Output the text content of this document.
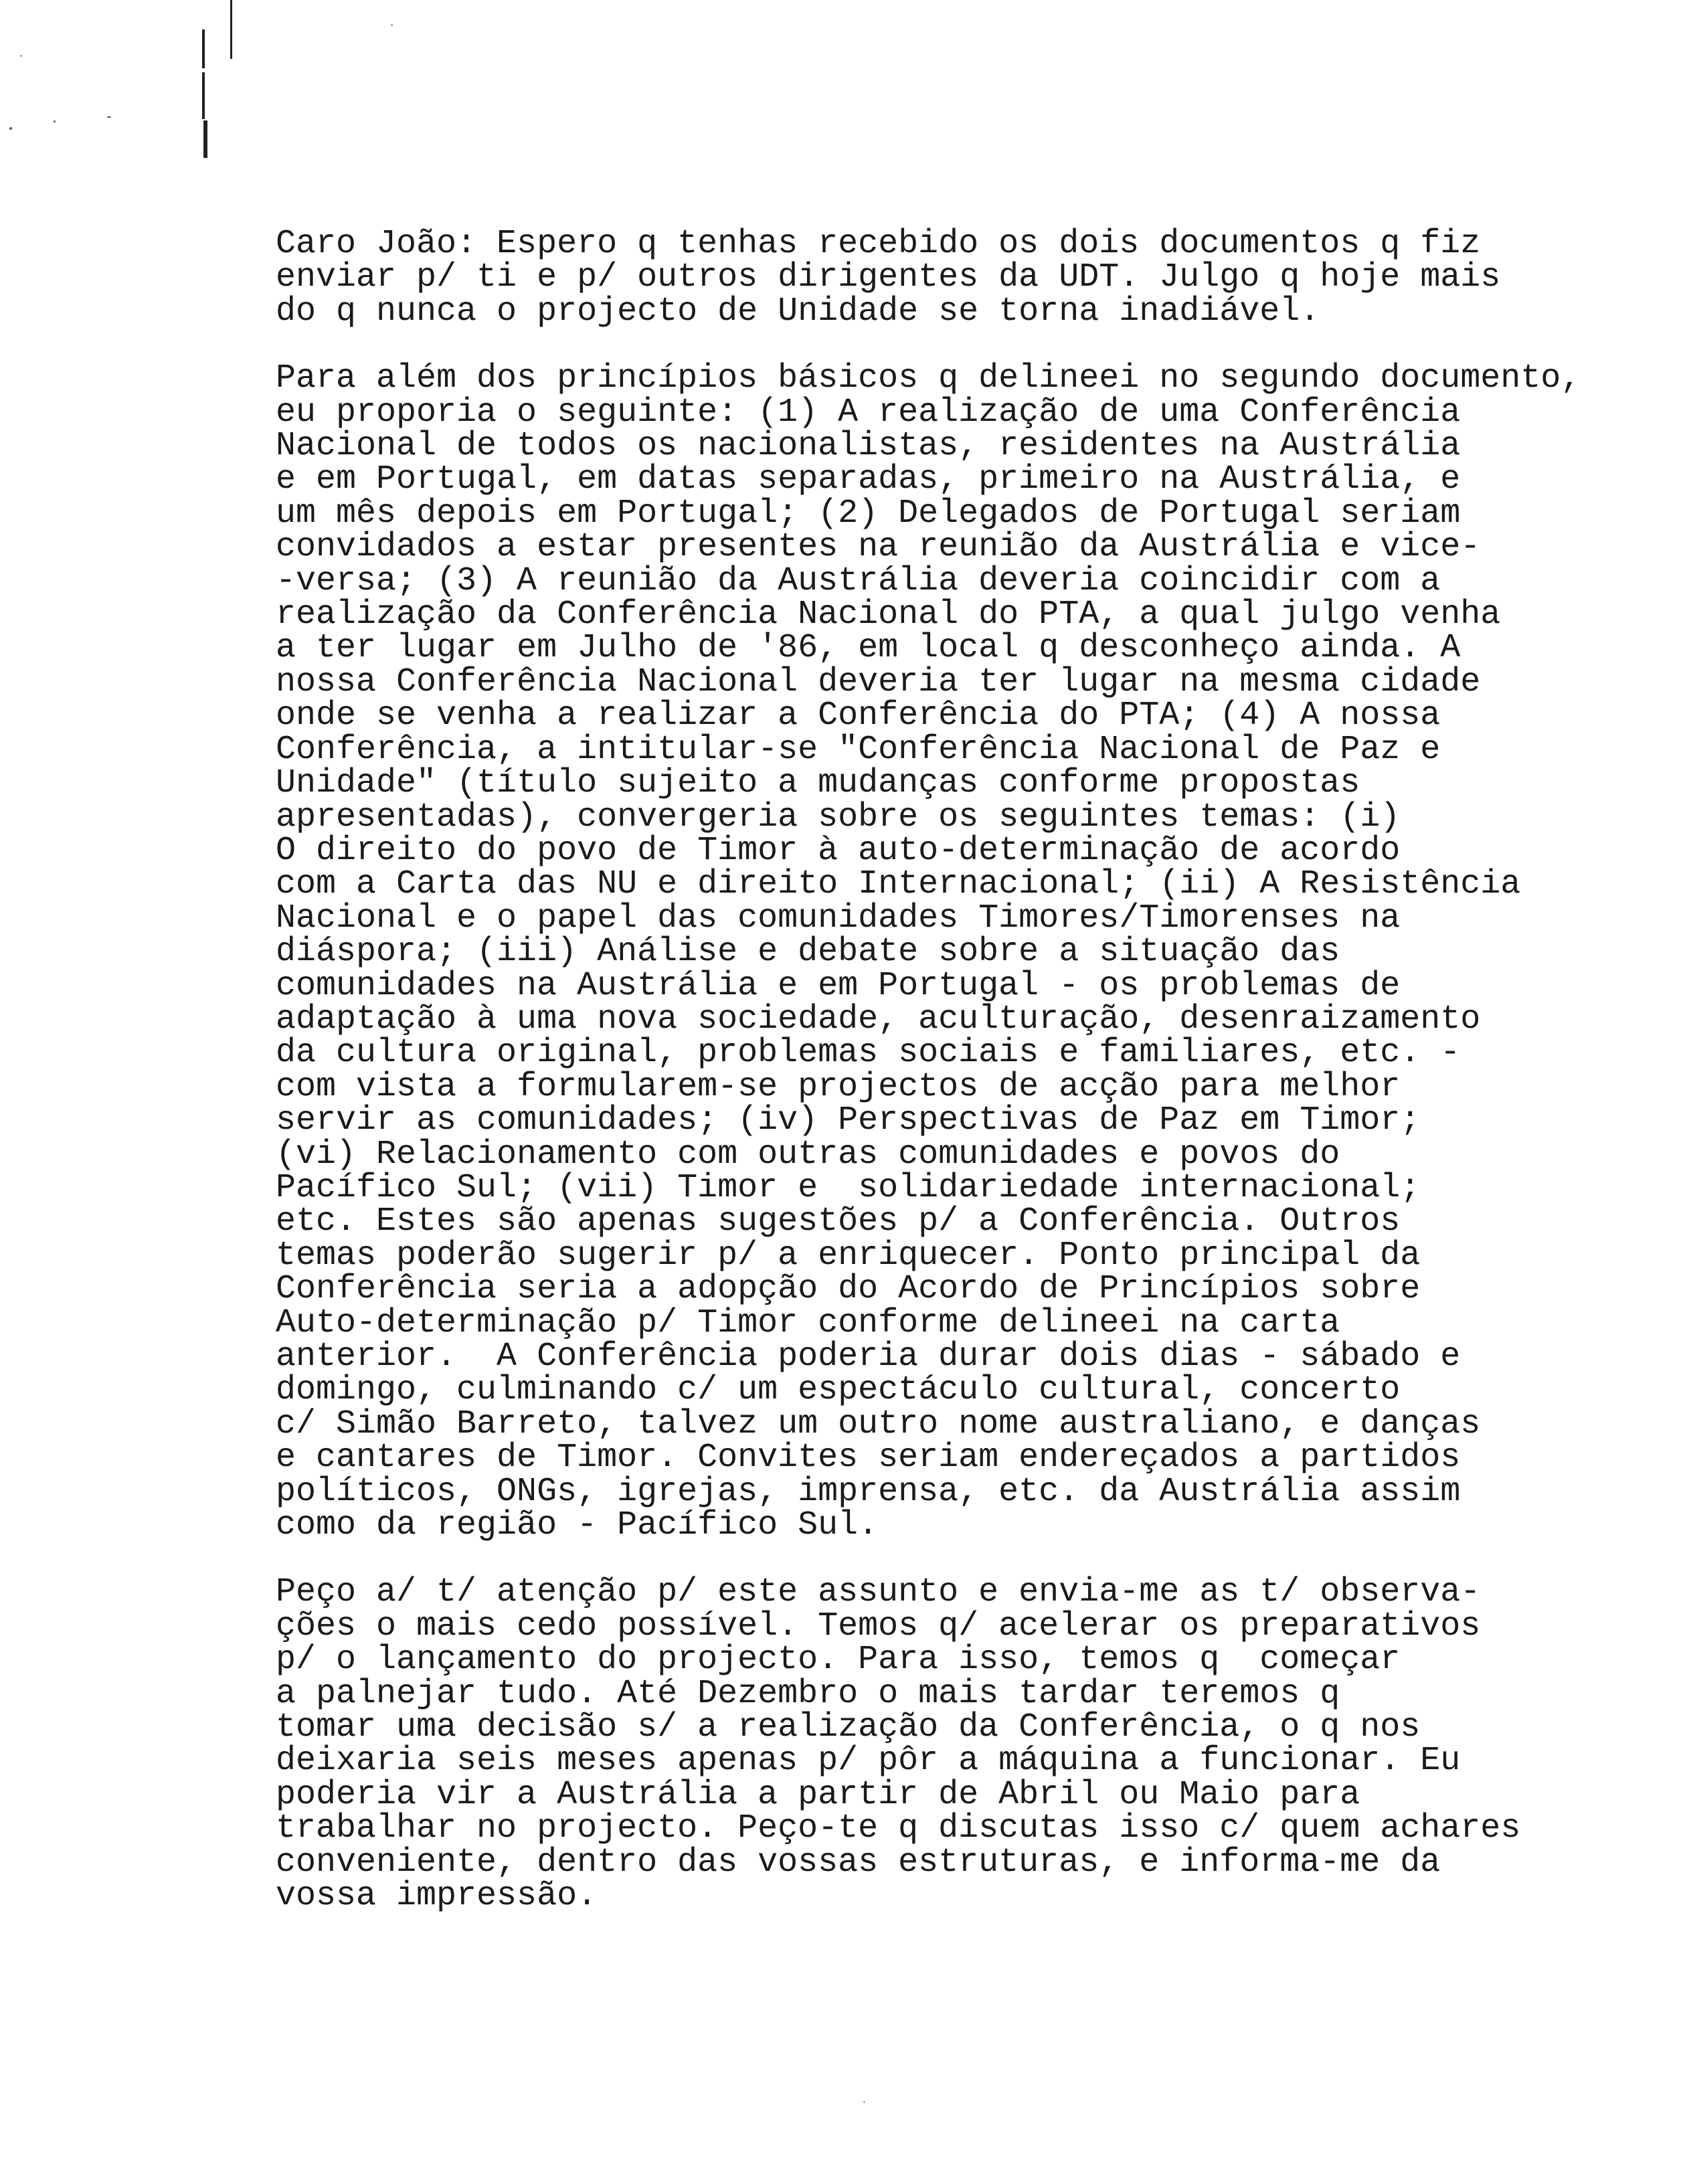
Caro João: Espero q tenhas recebido os dois documentos q fiz
enviar p/ ti e p/ outros dirigentes da UDT. Julgo q hoje mais
do q nunca o projecto de Unidade se torna inadiável.
Para além dos princípios básicos q delineei no segundo documento,
eu proporia o seguinte: (1) A realização de uma Conferência
Nacional de todos os nacionalistas, residentes na Austrália
e em Portugal, em datas separadas, primeiro na Austrália, e
um mês depois em Portugal; (2) Delegados de Portugal seriam
convidados a estar presentes na reunião da Austrália e vice-
-versa; (3) A reunião da Austrália deveria coincidir com a
realização da Conferência Nacional do PTA, a qual julgo venha
a ter lugar em Julho de '86, em local q desconheço ainda. A
nossa Conferência Nacional deveria ter lugar na mesma cidade
onde se venha a realizar a Conferência do PTA; (4) A nossa
Conferência, a intitular-se "Conferência Nacional de Paz e
Unidade" (título sujeito a mudanças conforme propostas
apresentadas), convergeria sobre os seguintes temas: (i)
O direito do povo de Timor à auto-determinação de acordo
com a Carta das NU e direito Internacional; (ii) A Resistência
Nacional e o papel das comunidades Timores/Timorenses na
diáspora; (iii) Análise e debate sobre a situação das
comunidades na Austrália e em Portugal - os problemas de
adaptação à uma nova sociedade, aculturação, desenraizamento
da cultura original, problemas sociais e familiares, etc. -
com vista a formularem-se projectos de acção para melhor
servir as comunidades; (iv) Perspectivas de Paz em Timor;
(vi) Relacionamento com outras comunidades e povos do
Pacífico Sul; (vii) Timor e  solidariedade internacional;
etc. Estes são apenas sugestões p/ a Conferência. Outros
temas poderão sugerir p/ a enriquecer. Ponto principal da
Conferência seria a adopção do Acordo de Princípios sobre
Auto-determinação p/ Timor conforme delineei na carta
anterior.  A Conferência poderia durar dois dias - sábado e
domingo, culminando c/ um espectáculo cultural, concerto
c/ Simão Barreto, talvez um outro nome australiano, e danças
e cantares de Timor. Convites seriam endereçados a partidos
políticos, ONGs, igrejas, imprensa, etc. da Austrália assim
como da região - Pacífico Sul.
Peço a/ t/ atenção p/ este assunto e envia-me as t/ observa-
ções o mais cedo possível. Temos q/ acelerar os preparativos
p/ o lançamento do projecto. Para isso, temos q  começar
a palnejar tudo. Até Dezembro o mais tardar teremos q
tomar uma decisão s/ a realização da Conferência, o q nos
deixaria seis meses apenas p/ pôr a máquina a funcionar. Eu
poderia vir a Austrália a partir de Abril ou Maio para
trabalhar no projecto. Peço-te q discutas isso c/ quem achares
conveniente, dentro das vossas estruturas, e informa-me da
vossa impressão.
